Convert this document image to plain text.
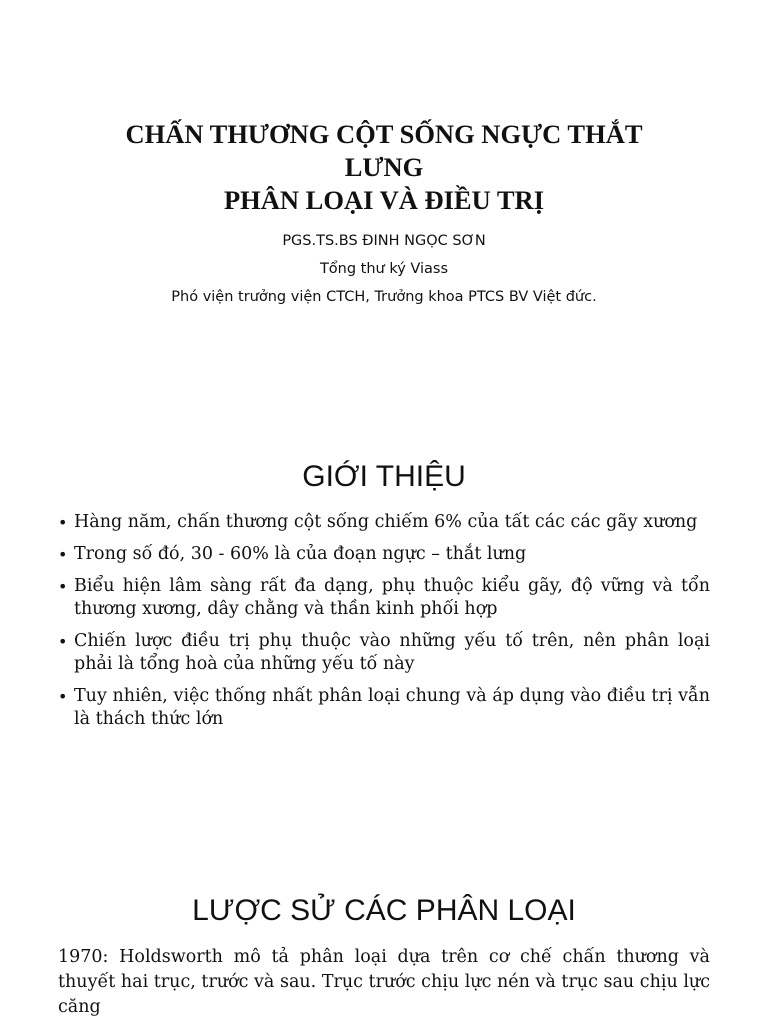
CHẤN THƯƠNG CỘT SỐNG NGỰC THẮT
LƯNG
PHÂN LOẠI VÀ ĐIỀU TRỊ
PGS.TS.BS ĐINH NGỌC SƠN
Tổng thư ký Viass
Phó viện trưởng viện CTCH, Trưởng khoa PTCS BV Việt đức.
GIỚI THIỆU
• Hàng năm, chấn thương cột sống chiếm 6% của tất các các gãy xương
• Trong số đó, 30 - 60% là của đoạn ngực – thắt lưng
• Biểu hiện lâm sàng rất đa dạng, phụ thuộc kiểu gãy, độ vững và tổn thương xương, dây chằng và thần kinh phối hợp
• Chiến lược điều trị phụ thuộc vào những yếu tố trên, nên phân loại phải là tổng hoà của những yếu tố này
• Tuy nhiên, việc thống nhất phân loại chung và áp dụng vào điều trị vẫn là thách thức lớn
LƯỢC SỬ CÁC PHÂN LOẠI

1970: Holdsworth mô tả phân loại dựa trên cơ chế chấn thương và thuyết hai trục, trước và sau. Trục trước chịu lực nén và trục sau chịu lực căng
